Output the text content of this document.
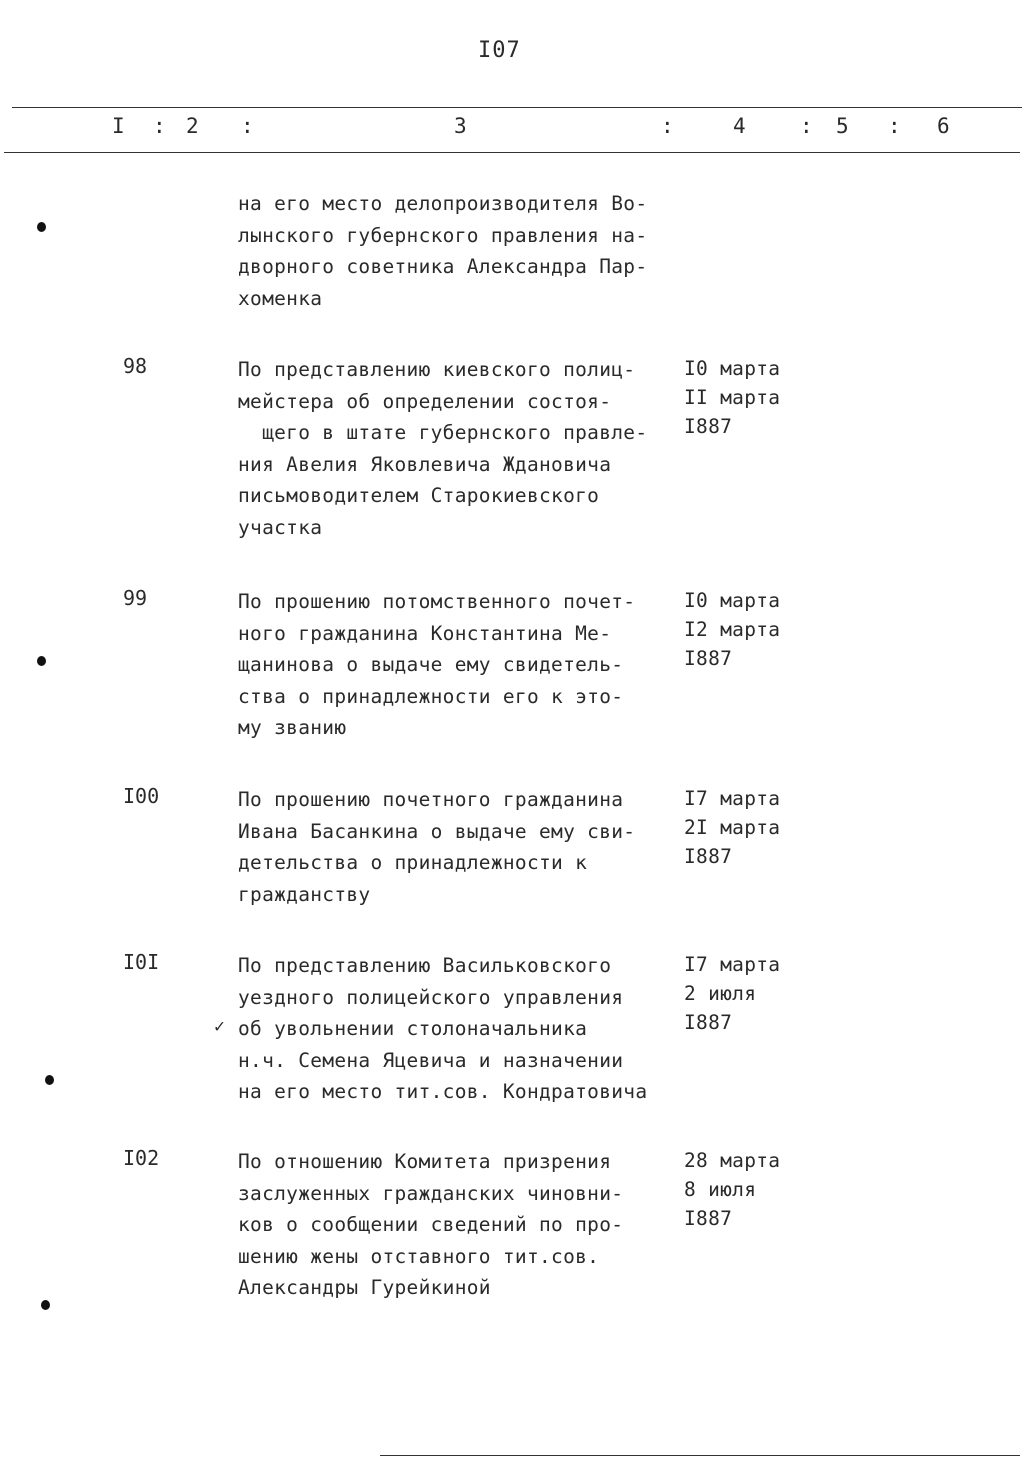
I07
I : 2 :	3	:	4	: 5 : 6
на его место делопроизводителя Во-
лынского губернского правления на-
дворного советника Александра Пар-
хоменка
98	По представлению киевского полиц-
мейстера об определении состоя-
щего в штате губернского правле-
ния Авелия Яковлевича Ждановича
письмоводителем Старокиевского
участка
I0 марта
II марта
I887
99	По прошению потомственного почет-
ного гражданина Константина Ме-
щанинова о выдаче ему свидетель-
ства о принадлежности его к это-
му званию
I0 марта
I2 марта
I887
I00	По прошению почетного гражданина
Ивана Басанкина о выдаче ему сви-
детельства о принадлежности к
гражданству
I7 марта
2I марта
I887
I0I
✓
По представлению Васильковского
уездного полицейского управления
об увольнении столоначальника
н.ч. Семена Яцевича и назначении
на его место тит.сов. Кондратовича
I7 марта
2 июля
I887
I02	По отношению Комитета призрения
заслуженных гражданских чиновни-
ков о сообщении сведений по про-
шению жены отставного тит.сов.
Александры Гурейкиной
28 марта
8 июля
I887
